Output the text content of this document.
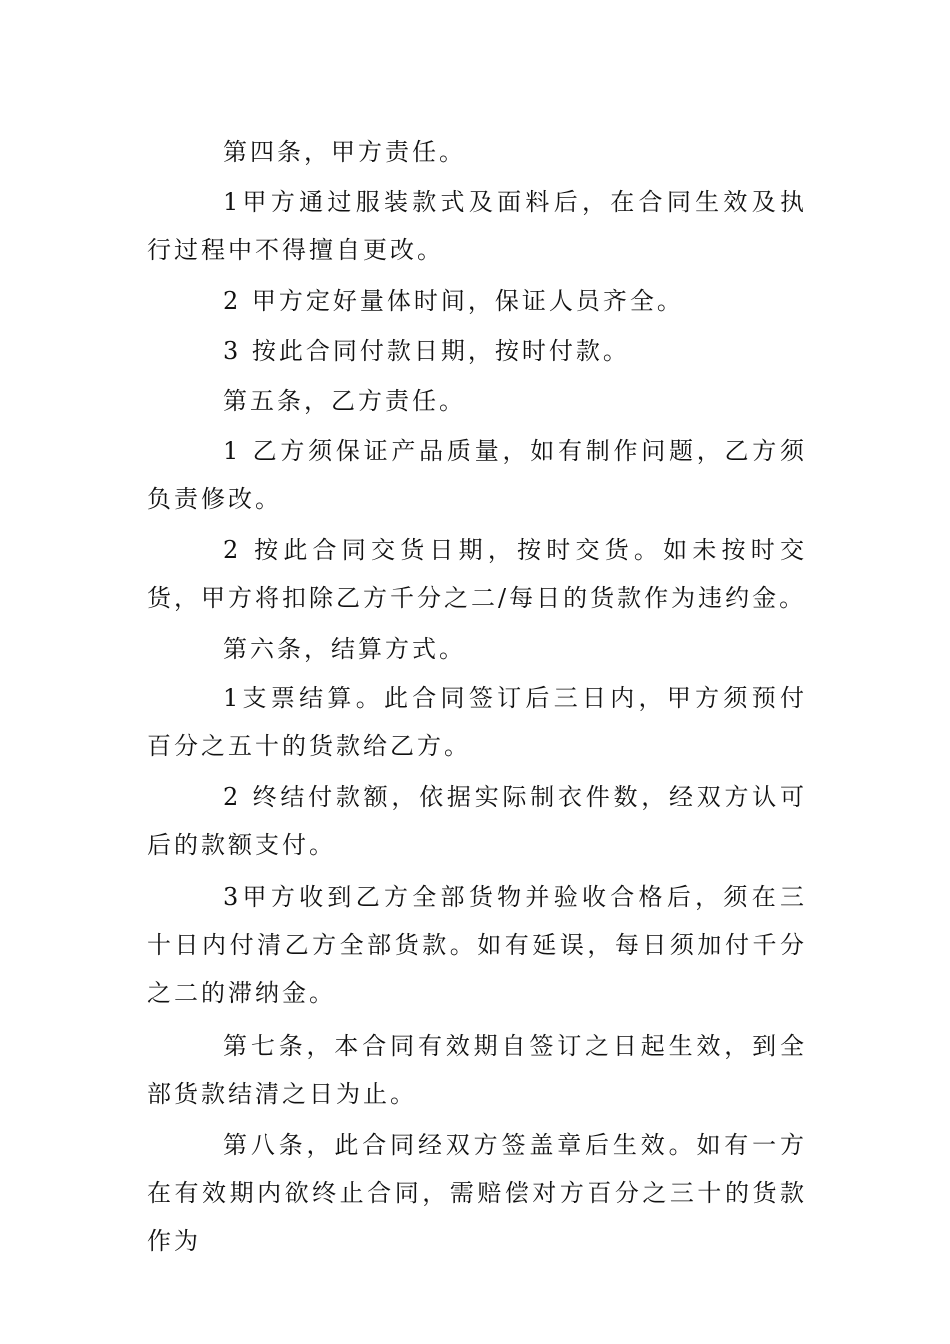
第四条，甲方责任。

1甲方通过服装款式及面料后，在合同生效及执行过程中不得擅自更改。

2 甲方定好量体时间，保证人员齐全。

3 按此合同付款日期，按时付款。

第五条，乙方责任。

1 乙方须保证产品质量，如有制作问题，乙方须负责修改。

2 按此合同交货日期，按时交货。如未按时交货，甲方将扣除乙方千分之二/每日的货款作为违约金。

第六条，结算方式。

1支票结算。此合同签订后三日内，甲方须预付百分之五十的货款给乙方。

2 终结付款额，依据实际制衣件数，经双方认可后的款额支付。

3甲方收到乙方全部货物并验收合格后，须在三十日内付清乙方全部货款。如有延误，每日须加付千分之二的滞纳金。

第七条，本合同有效期自签订之日起生效，到全部货款结清之日为止。

第八条，此合同经双方签盖章后生效。如有一方在有效期内欲终止合同，需赔偿对方百分之三十的货款作为
